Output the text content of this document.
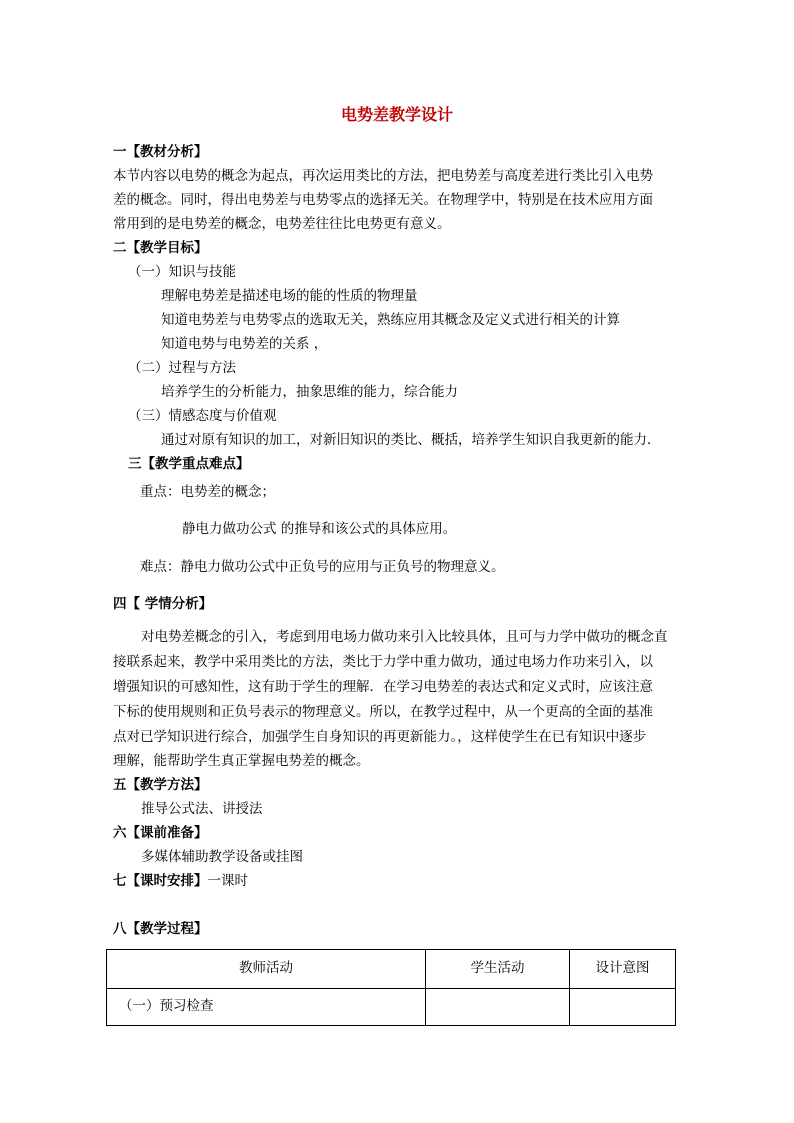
电势差教学设计
一【教材分析】
本节内容以电势的概念为起点，再次运用类比的方法，把电势差与高度差进行类比引入电势
差的概念。同时，得出电势差与电势零点的选择无关。在物理学中，特别是在技术应用方面
常用到的是电势差的概念，电势差往往比电势更有意义。
二【教学目标】
（一）知识与技能
理解电势差是描述电场的能的性质的物理量
知道电势差与电势零点的选取无关，熟练应用其概念及定义式进行相关的计算
知道电势与电势差的关系 ，
（二）过程与方法
培养学生的分析能力，抽象思维的能力，综合能力
（三）情感态度与价值观
通过对原有知识的加工，对新旧知识的类比、概括，培养学生知识自我更新的能力．
三【教学重点难点】
重点：电势差的概念；
静电力做功公式 的推导和该公式的具体应用。
难点：静电力做功公式中正负号的应用与正负号的物理意义。
四【 学情分析】
对电势差概念的引入，考虑到用电场力做功来引入比较具体，且可与力学中做功的概念直
接联系起来，教学中采用类比的方法，类比于力学中重力做功，通过电场力作功来引入，以
增强知识的可感知性，这有助于学生的理解．在学习电势差的表达式和定义式时，应该注意
下标的使用规则和正负号表示的物理意义。所以，在教学过程中，从一个更高的全面的基准
点对已学知识进行综合，加强学生自身知识的再更新能力。，这样使学生在已有知识中逐步
理解，能帮助学生真正掌握电势差的概念。
五【教学方法】
推导公式法、讲授法
六【课前准备】
多媒体辅助教学设备或挂图
七【课时安排】一课时
八【教学过程】
教师活动	学生活动	设计意图
（一）预习检查		
